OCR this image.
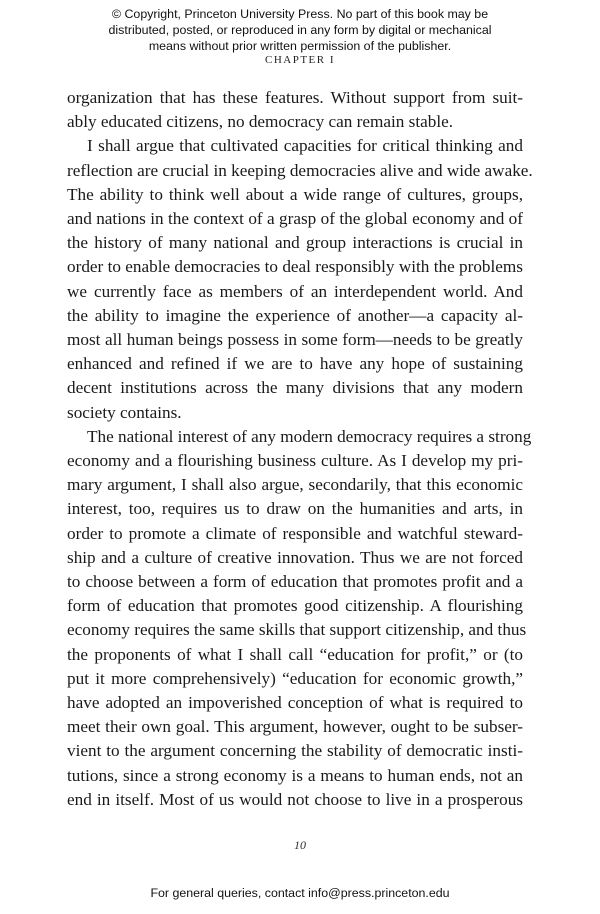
© Copyright, Princeton University Press. No part of this book may be
distributed, posted, or reproduced in any form by digital or mechanical
means without prior written permission of the publisher.
CHAPTER I
organization that has these features. Without support from suit-
ably educated citizens, no democracy can remain stable.
I shall argue that cultivated capacities for critical thinking and
reflection are crucial in keeping democracies alive and wide awake.
The ability to think well about a wide range of cultures, groups,
and nations in the context of a grasp of the global economy and of
the history of many national and group interactions is crucial in
order to enable democracies to deal responsibly with the problems
we currently face as members of an interdependent world. And
the ability to imagine the experience of another—a capacity al-
most all human beings possess in some form—needs to be greatly
enhanced and refined if we are to have any hope of sustaining
decent institutions across the many divisions that any modern
society contains.
The national interest of any modern democracy requires a strong
economy and a flourishing business culture. As I develop my pri-
mary argument, I shall also argue, secondarily, that this economic
interest, too, requires us to draw on the humanities and arts, in
order to promote a climate of responsible and watchful steward-
ship and a culture of creative innovation. Thus we are not forced
to choose between a form of education that promotes profit and a
form of education that promotes good citizenship. A flourishing
economy requires the same skills that support citizenship, and thus
the proponents of what I shall call “education for profit,” or (to
put it more comprehensively) “education for economic growth,”
have adopted an impoverished conception of what is required to
meet their own goal. This argument, however, ought to be subser-
vient to the argument concerning the stability of democratic insti-
tutions, since a strong economy is a means to human ends, not an
end in itself. Most of us would not choose to live in a prosperous
10
For general queries, contact info@press.princeton.edu
